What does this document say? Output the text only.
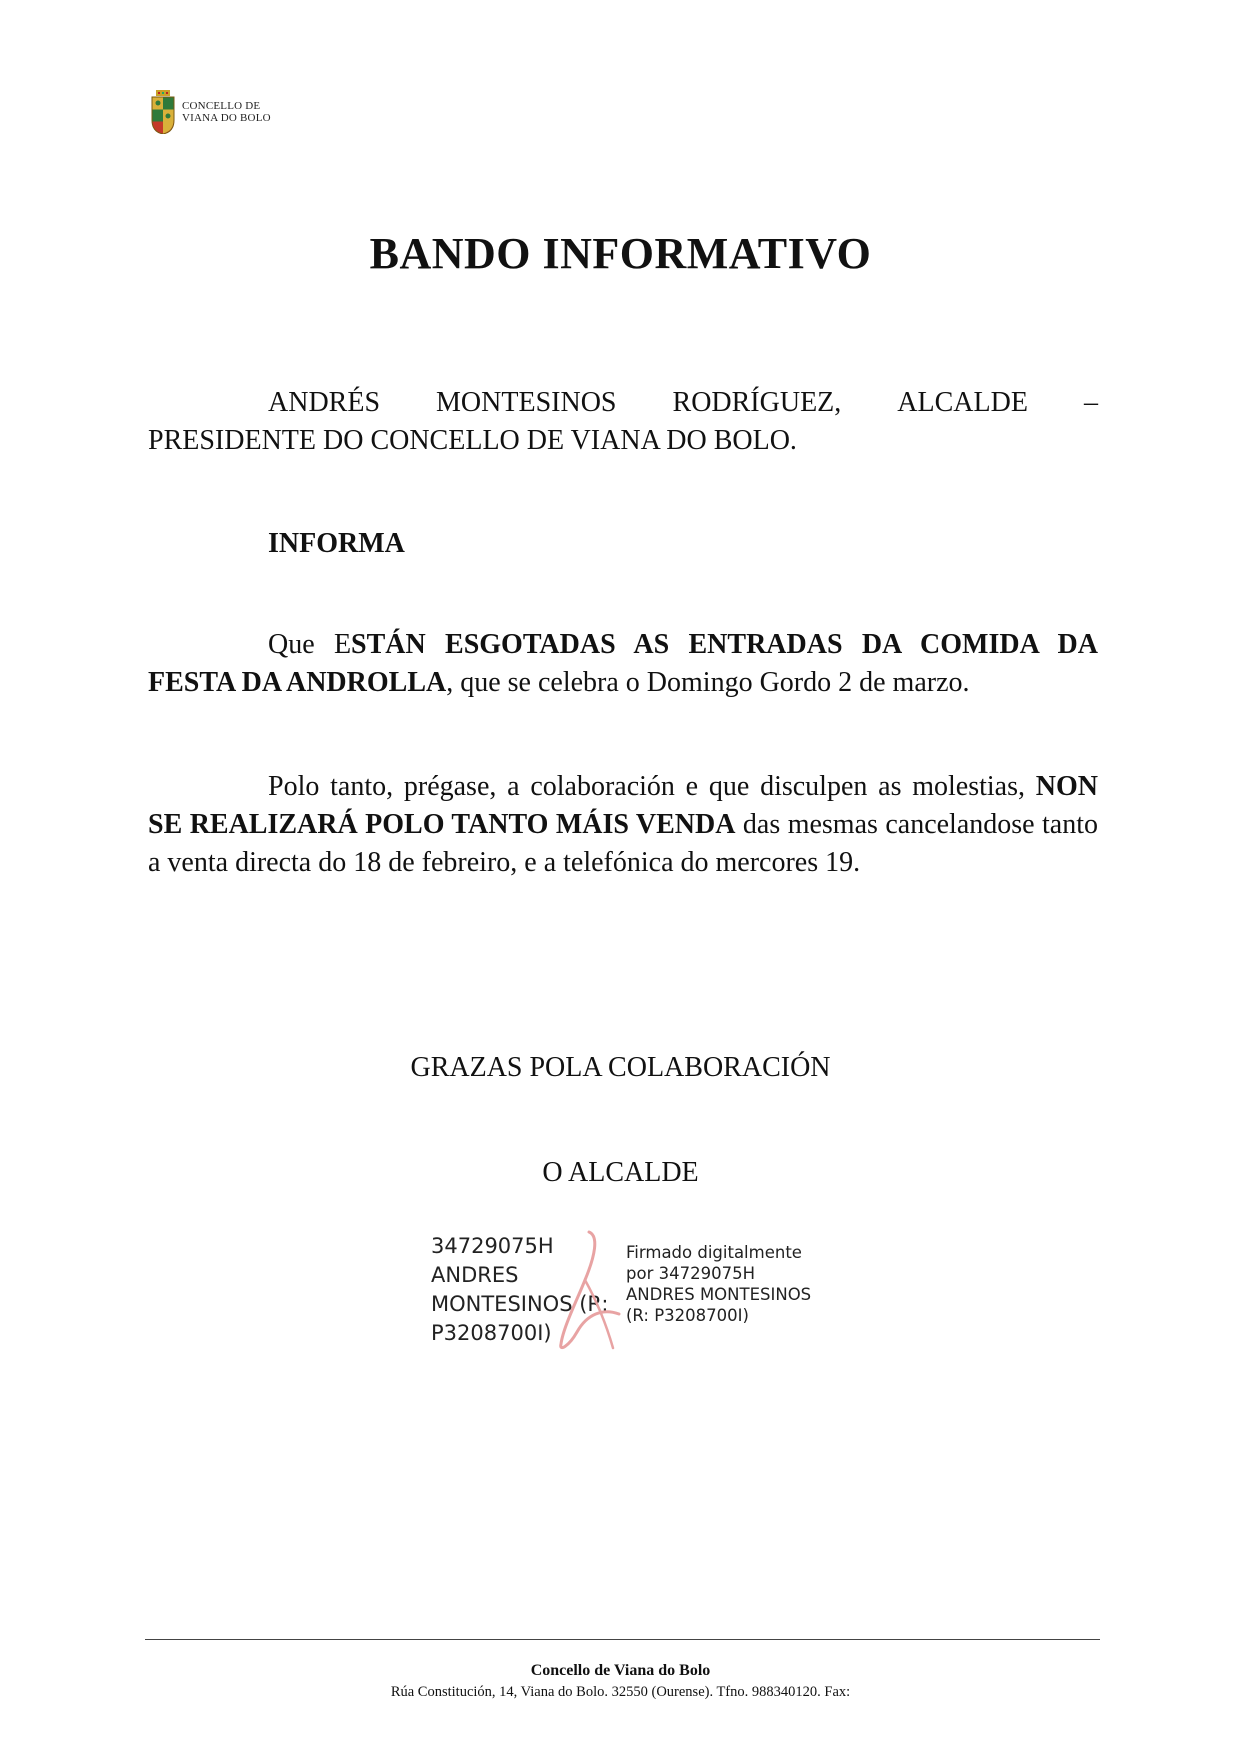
CONCELLO DE
VIANA DO BOLO
BANDO INFORMATIVO
ANDRÉS MONTESINOS RODRÍGUEZ, ALCALDE –
PRESIDENTE DO CONCELLO DE VIANA DO BOLO.
INFORMA
Que ESTÁN ESGOTADAS AS ENTRADAS DA COMIDA DA FESTA DA ANDROLLA, que se celebra o Domingo Gordo 2 de marzo.
Polo tanto, prégase, a colaboración e que disculpen as molestias, NON SE REALIZARÁ POLO TANTO MÁIS VENDA das mesmas cancelandose tanto a venta directa do 18 de febreiro, e a telefónica do mercores 19.
GRAZAS POLA COLABORACIÓN
O ALCALDE
34729075H
ANDRES
MONTESINOS (R:
P3208700I)
Firmado digitalmente
por 34729075H
ANDRES MONTESINOS
(R: P3208700I)
Concello de Viana do Bolo
Rúa Constitución, 14, Viana do Bolo. 32550 (Ourense). Tfno. 988340120. Fax:
